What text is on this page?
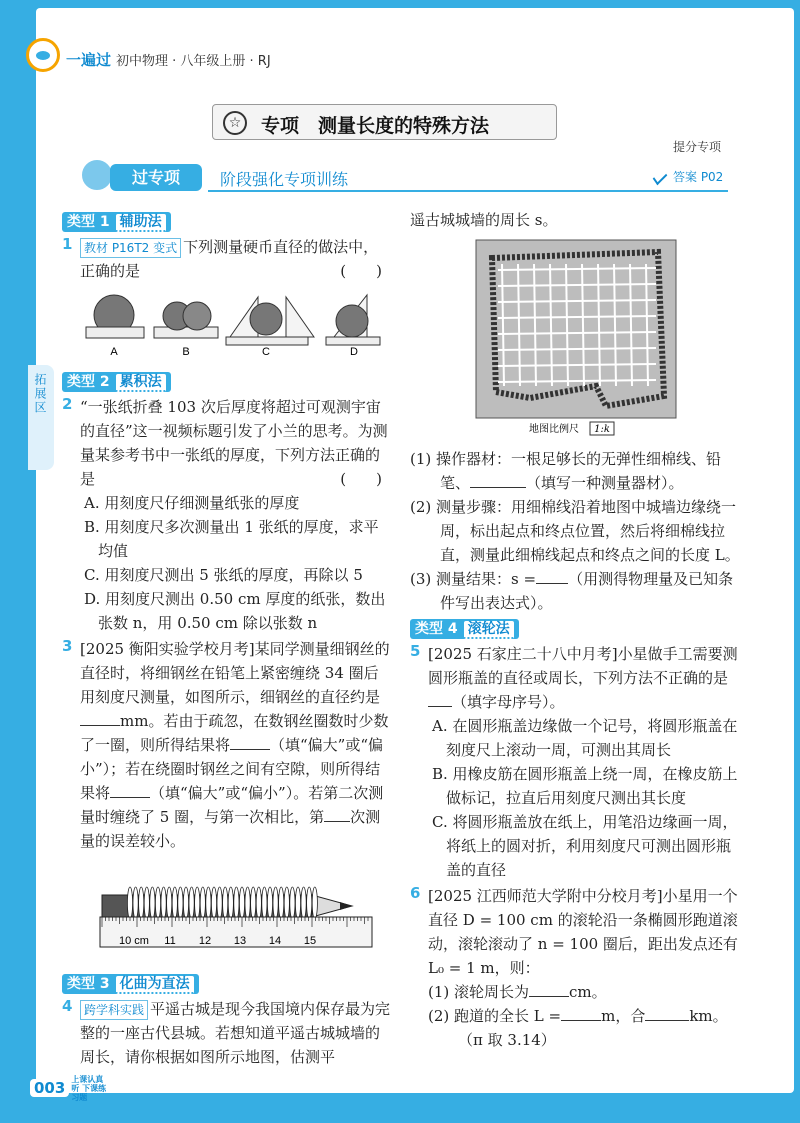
一遍过 初中物理 · 八年级上册 · RJ
拓展区
☆	专项　测量长度的特殊方法
提分专项
过专项	阶段强化专项训练	答案 P02
类型 1 辅助法
1 教材 P16T2 变式 下列测量硬币直径的做法中，正确的是	(　　)
A	B	C	D
类型 2 累积法
2 “一张纸折叠 103 次后厚度将超过可观测宇宙的直径”这一视频标题引发了小兰的思考。为测量某参考书中一张纸的厚度，下列方法正确的是	(　　)
A. 用刻度尺仔细测量纸张的厚度
B. 用刻度尺多次测量出 1 张纸的厚度，求平均值
C. 用刻度尺测出 5 张纸的厚度，再除以 5
D. 用刻度尺测出 0.50 cm 厚度的纸张，数出张数 n，用 0.50 cm 除以张数 n
3 [2025 衡阳实验学校月考]某同学测量细钢丝的直径时，将细钢丝在铅笔上紧密缠绕 34 圈后用刻度尺测量，如图所示，细钢丝的直径约是mm。若由于疏忽，在数钢丝圈数时少数了一圈，则所得结果将	（填“偏大”或“偏小”）；若在绕圈时钢丝之间有空隙，则所得结果将	（填“偏大”或“偏小”）。若第二次测量时缠绕了 5 圈，与第一次相比，第 次测量的误差较小。
10 cm 11 12 13 14 15
类型 3 化曲为直法
4 跨学科实践 平遥古城是现今我国境内保存最为完整的一座古代县城。若想知道平遥古城城墙的周长，请你根据如图所示地图，估测平
遥古城城墙的周长 s。
地图比例尺 1:k
(1) 操作器材：一根足够长的无弹性细棉线、铅笔、	（填写一种测量器材）。
(2) 测量步骤：用细棉线沿着地图中城墙边缘绕一周，标出起点和终点位置，然后将细棉线拉直，测量此细棉线起点和终点之间的长度 L。
(3) 测量结果：s = （用测得物理量及已知条件写出表达式）。
类型 4 滚轮法
5 [2025 石家庄二十八中月考]小星做手工需要测圆形瓶盖的直径或周长，下列方法不正确的是（填字母序号）。
A. 在圆形瓶盖边缘做一个记号，将圆形瓶盖在刻度尺上滚动一周，可测出其周长
B. 用橡皮筋在圆形瓶盖上绕一周，在橡皮筋上做标记，拉直后用刻度尺测出其长度
C. 将圆形瓶盖放在纸上，用笔沿边缘画一周，将纸上的圆对折，利用刻度尺可测出圆形瓶盖的直径
6 [2025 江西师范大学附中分校月考]小星用一个直径 D = 100 cm 的滚轮沿一条椭圆形跑道滚动，滚轮滚动了 n = 100 圈后，距出发点还有 L₀ = 1 m，则：
(1) 滚轮周长为	cm。
(2) 跑道的全长 L =	m，合	km。（π 取 3.14）
003 上课认真听 下课练习题
